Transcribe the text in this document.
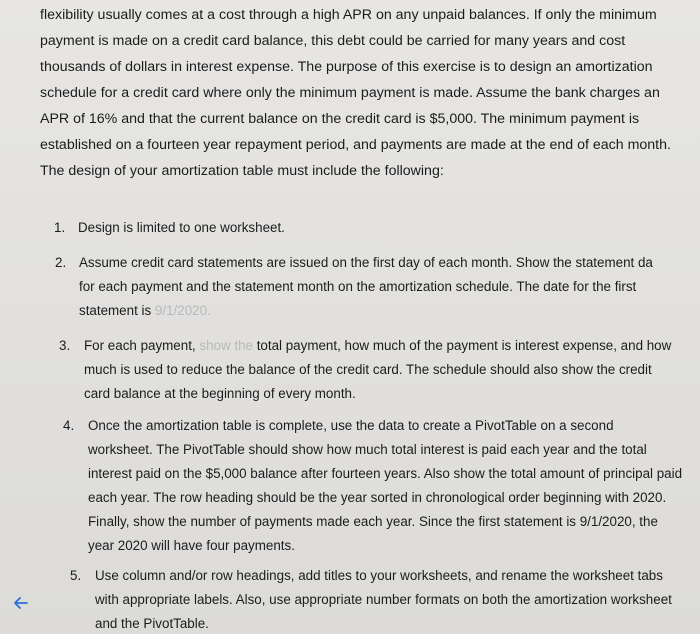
flexibility usually comes at a cost through a high APR on any unpaid balances. If only the minimum
payment is made on a credit card balance, this debt could be carried for many years and cost
thousands of dollars in interest expense. The purpose of this exercise is to design an amortization
schedule for a credit card where only the minimum payment is made. Assume the bank charges an
APR of 16% and that the current balance on the credit card is $5,000. The minimum payment is
established on a fourteen year repayment period, and payments are made at the end of each month.
The design of your amortization table must include the following:
1. Design is limited to one worksheet.
2. Assume credit card statements are issued on the first day of each month. Show the statement da
for each payment and the statement month on the amortization schedule. The date for the first
statement is 9/1/2020.
3.	For each payment, show the total payment, how much of the payment is interest expense, and how
much is used to reduce the balance of the credit card. The schedule should also show the credit
card balance at the beginning of every month.
4.	Once the amortization table is complete, use the data to create a PivotTable on a second
worksheet. The PivotTable should show how much total interest is paid each year and the total
interest paid on the $5,000 balance after fourteen years. Also show the total amount of principal paid
each year. The row heading should be the year sorted in chronological order beginning with 2020.
Finally, show the number of payments made each year. Since the first statement is 9/1/2020, the
year 2020 will have four payments.
5.	Use column and/or row headings, add titles to your worksheets, and rename the worksheet tabs
with appropriate labels. Also, use appropriate number formats on both the amortization worksheet
and the PivotTable.
